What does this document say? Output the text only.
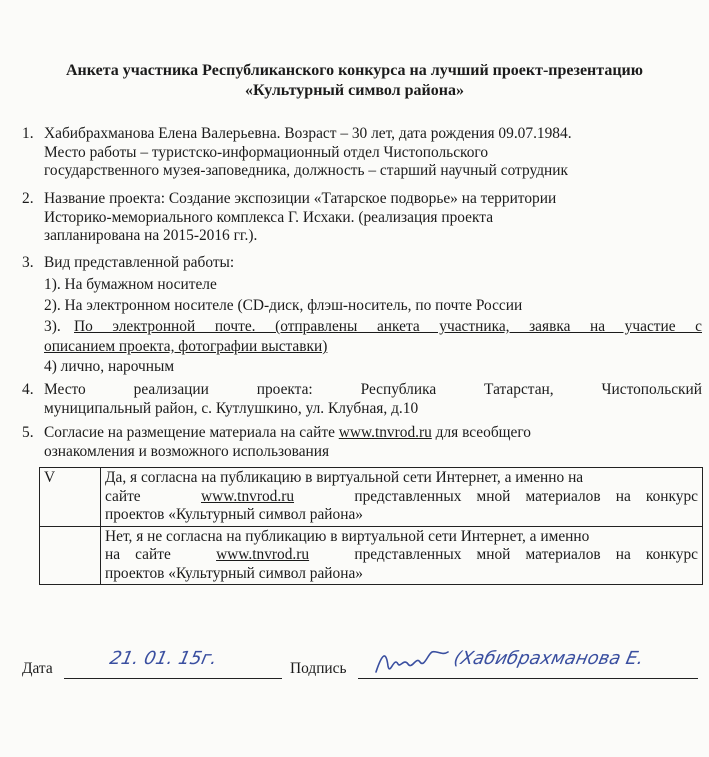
Анкета участника Республиканского конкурса на лучший проект-презентацию
«Культурный символ района»
1. Хабибрахманова Елена Валерьевна. Возраст – 30 лет, дата рождения 09.07.1984.
Место работы – туристско-информационный отдел Чистопольского
государственного музея-заповедника, должность – старший научный сотрудник
2. Название проекта: Создание экспозиции «Татарское подворье» на территории
Историко-мемориального комплекса Г. Исхаки. (реализация проекта
запланирована на 2015-2016 гг.).
3. Вид представленной работы:
1). На бумажном носителе
2). На электронном носителе (CD-диск, флэш-носитель, по почте России
3). По электронной почте. (отправлены анкета участника, заявка на участие с
описанием проекта, фотографии выставки)
4) лично, нарочным
4. Место реализации проекта: Республика Татарстан, Чистопольский
муниципальный район, с. Кутлушкино, ул. Клубная, д.10
5. Согласие на размещение материала на сайте www.tnvrod.ru для всеобщего
ознакомления и возможного использования
V	Да, я согласна на публикацию в виртуальной сети Интернет, а именно на
сайте www.tnvrod.ru представленных мной материалов на конкурс
проектов «Культурный символ района»

	Нет, я не согласна на публикацию в виртуальной сети Интернет, а именно
на сайте www.tnvrod.ru представленных мной материалов на конкурс
проектов «Культурный символ района»
Дата	21. 01. 15г.	Подпись	(Хабибрахманова Е.
